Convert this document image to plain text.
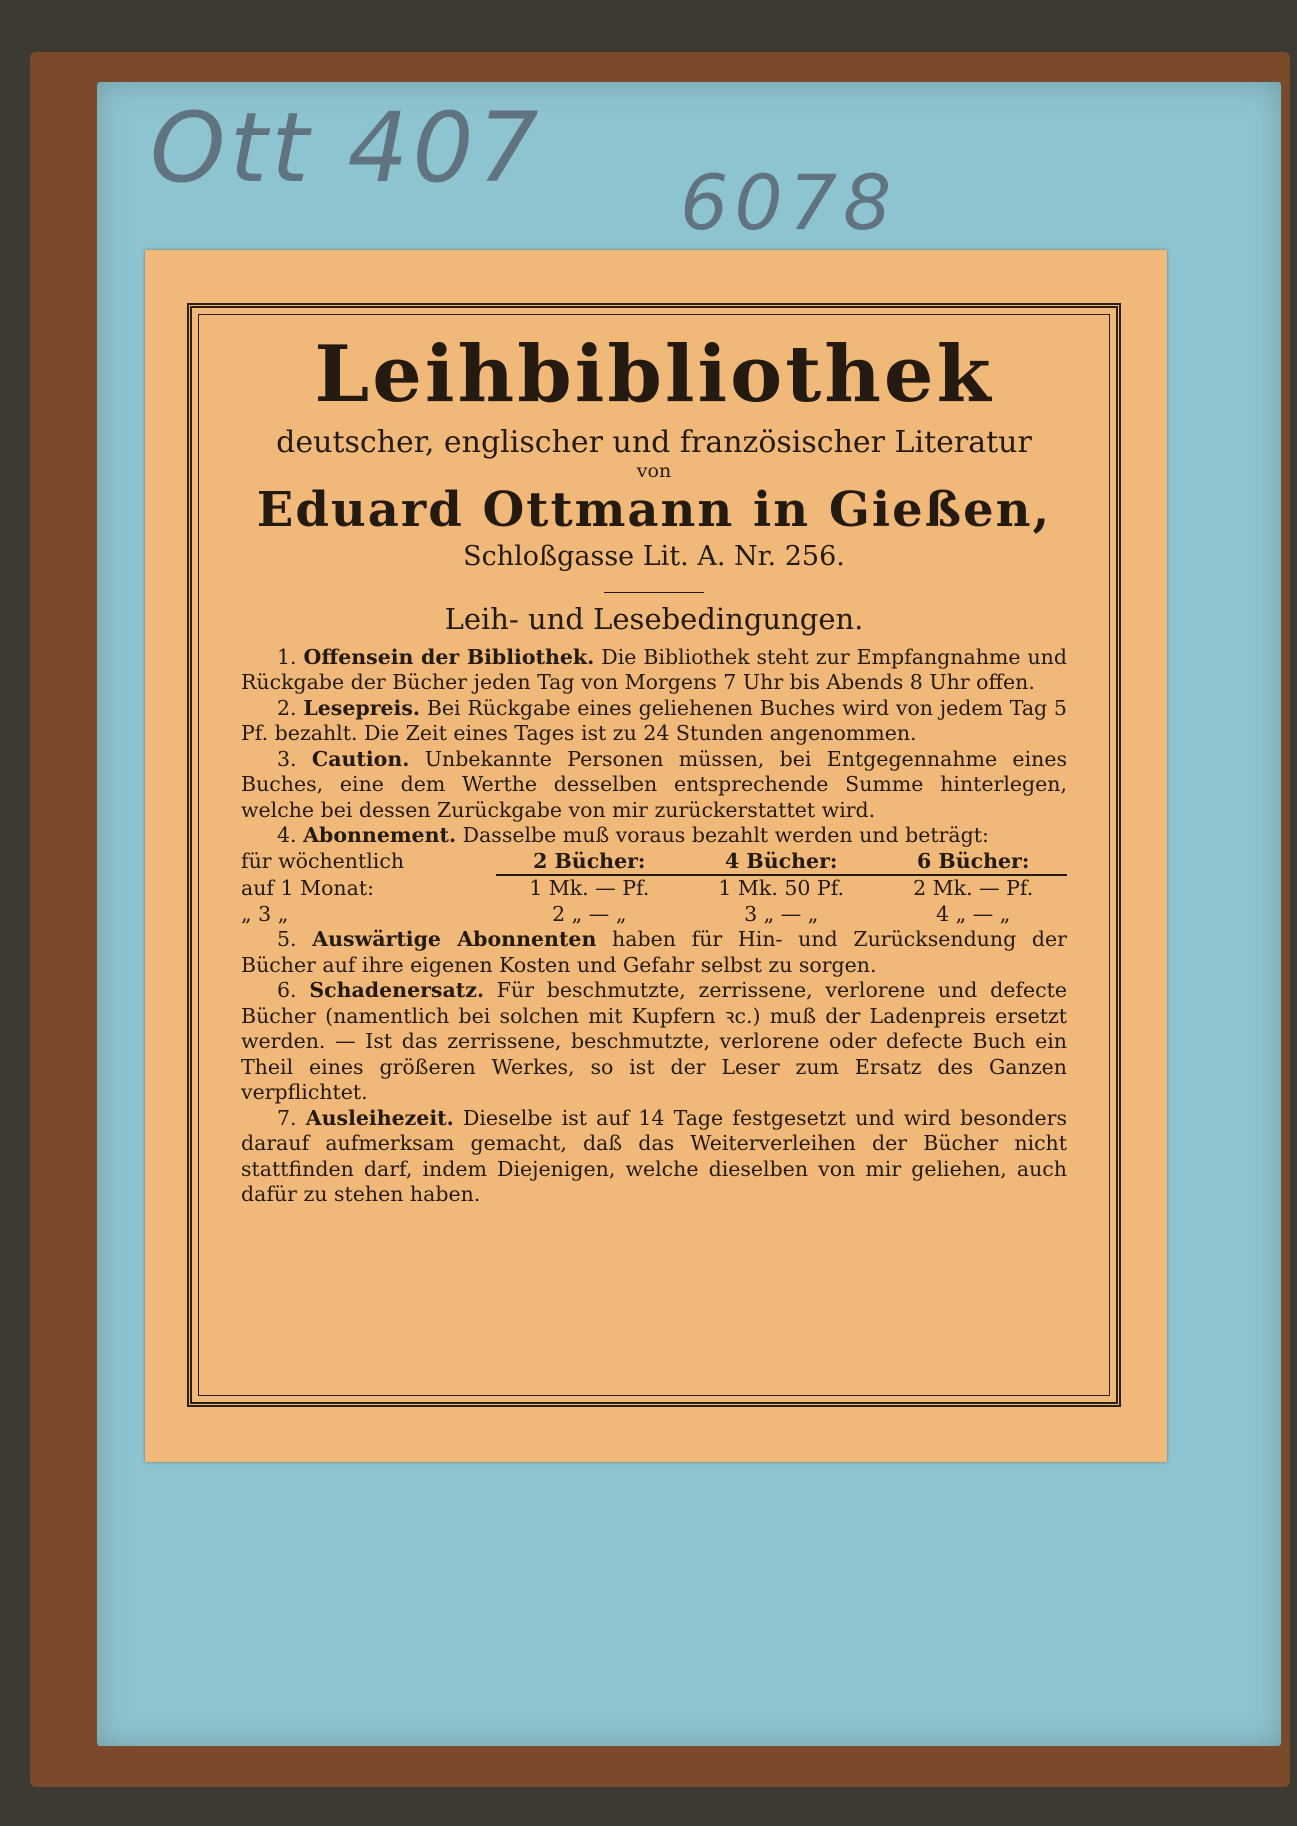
Ott 407 6078
Leihbibliothek
deutscher, englischer und französischer Literatur
von
Eduard Ottmann in Gießen,
Schloßgasse Lit. A. Nr. 256.
Leih- und Lesebedingungen.

1. Offensein der Bibliothek. Die Bibliothek steht zur Empfangnahme und Rückgabe der Bücher jeden Tag von Morgens 7 Uhr bis Abends 8 Uhr offen.

2. Lesepreis. Bei Rückgabe eines geliehenen Buches wird von jedem Tag 5 Pf. bezahlt. Die Zeit eines Tages ist zu 24 Stunden angenommen.

3. Caution. Unbekannte Personen müssen, bei Entgegennahme eines Buches, eine dem Werthe desselben entsprechende Summe hinterlegen, welche bei dessen Zurückgabe von mir zurückerstattet wird.

4. Abonnement. Dasselbe muß voraus bezahlt werden und beträgt:

für wöchentlich	2 Bücher:	4 Bücher:	6 Bücher:
auf 1 Monat:	1 Mk. — Pf.	1 Mk. 50 Pf.	2 Mk. — Pf.
„ 3 „	2 „ — „	3 „ — „	4 „ — „

5. Auswärtige Abonnenten haben für Hin- und Zurücksendung der Bücher auf ihre eigenen Kosten und Gefahr selbst zu sorgen.

6. Schadenersatz. Für beschmutzte, zerrissene, verlorene und defecte Bücher (namentlich bei solchen mit Kupfern ꝛc.) muß der Ladenpreis ersetzt werden. — Ist das zerrissene, beschmutzte, verlorene oder defecte Buch ein Theil eines größeren Werkes, so ist der Leser zum Ersatz des Ganzen verpflichtet.

7. Ausleihezeit. Dieselbe ist auf 14 Tage festgesetzt und wird besonders darauf aufmerksam gemacht, daß das Weiterverleihen der Bücher nicht stattfinden darf, indem Diejenigen, welche dieselben von mir geliehen, auch dafür zu stehen haben.
